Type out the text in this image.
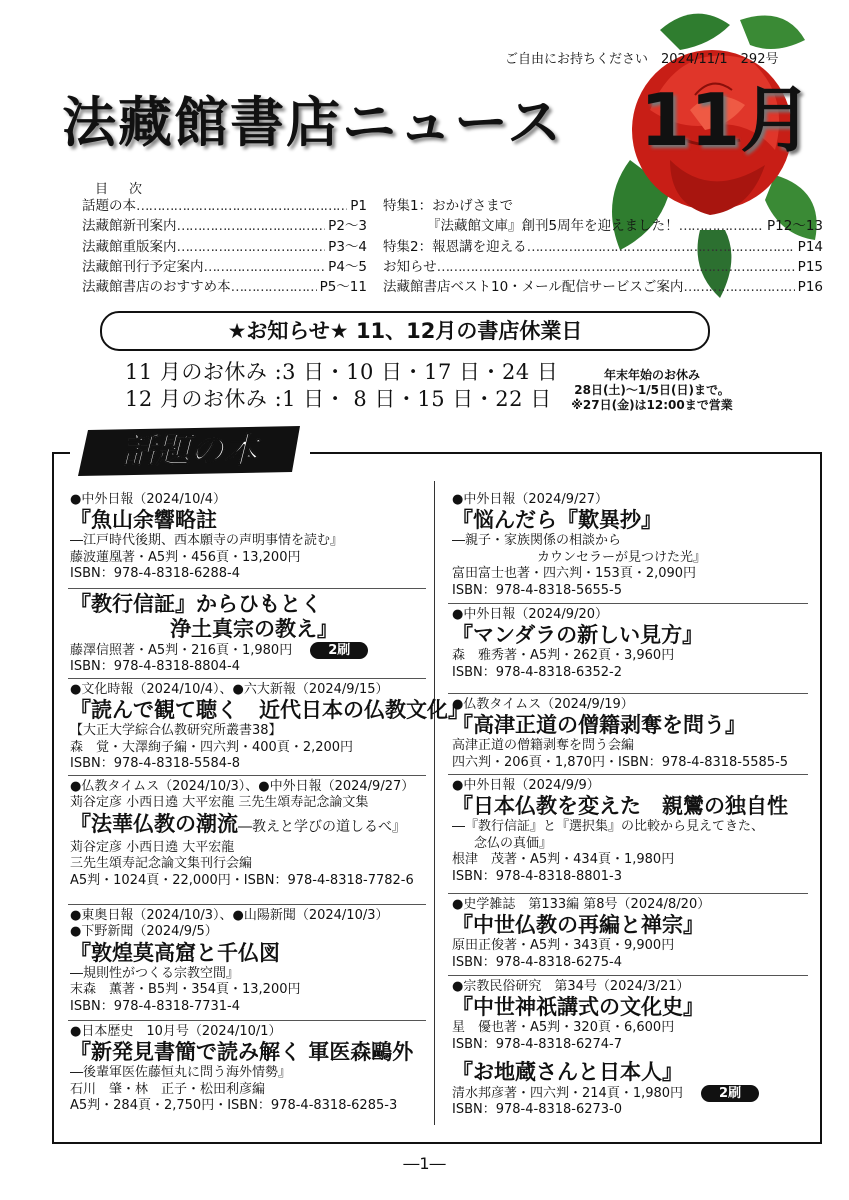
ご自由にお持ちください　2024/11/1　292号
法藏館書店ニュース 11月
目　次
話題の本 …………………………………………………………………………………………	P1
法藏館新刊案内 …………………………………………………………………………………………	P2〜3
法藏館重版案内 …………………………………………………………………………………………	P3〜4
法藏館刊行予定案内 …………………………………………………………………………………………	P4〜5
法藏館書店のおすすめ本 …………………………………………………………………………………………	P5〜11
特集1：おかげさまで
『法藏館文庫』創刊5周年を迎えました！ …………………………………………………………………………………………	P12〜13
特集2：報恩講を迎える …………………………………………………………………………………………	P14
お知らせ …………………………………………………………………………………………	P15
法藏館書店ベスト10・メール配信サービスご案内 …………………………………………………………………………………………	P16
★お知らせ★ 11、12月の書店休業日
11 月のお休み :3 日・10 日・17 日・24 日
12 月のお休み :1 日・ 8 日・15 日・22 日
年末年始のお休み
28日(土)〜1/5日(日)まで。
※27日(金)は12:00まで営業
話題の本
●中外日報（2024/10/4）
『魚山余響略註
―江戸時代後期、西本願寺の声明事情を読む』
藤波蓮凰著・A5判・456頁・13,200円
ISBN：978-4-8318-6288-4
『教行信証』からひもとく
浄土真宗の教え』
藤澤信照著・A5判・216頁・1,980円	2刷
ISBN：978-4-8318-8804-4
●文化時報（2024/10/4）、●六大新報（2024/9/15）
『読んで観て聴く　近代日本の仏教文化』
【大正大学綜合仏教研究所叢書38】
森　覚・大澤絢子編・四六判・400頁・2,200円
ISBN：978-4-8318-5584-8
●仏教タイムス（2024/10/3）、●中外日報（2024/9/27）
苅谷定彦 小西日遶 大平宏龍 三先生頌寿記念論文集
『法華仏教の潮流―教えと学びの道しるべ』
苅谷定彦 小西日遶 大平宏龍
三先生頌寿記念論文集刊行会編
A5判・1024頁・22,000円・ISBN：978-4-8318-7782-6
●東奥日報（2024/10/3）、●山陽新聞（2024/10/3）
●下野新聞（2024/9/5）
『敦煌莫高窟と千仏図
―規則性がつくる宗教空間』
末森　薫著・B5判・354頁・13,200円
ISBN：978-4-8318-7731-4
●日本歴史　10月号（2024/10/1）
『新発見書簡で読み解く 軍医森鷗外
―後輩軍医佐藤恒丸に問う海外情勢』
石川　肇・林　正子・松田利彦編
A5判・284頁・2,750円・ISBN：978-4-8318-6285-3
●中外日報（2024/9/27）
『悩んだら『歎異抄』
―親子・家族関係の相談から
カウンセラーが見つけた光』
富田富士也著・四六判・153頁・2,090円
ISBN：978-4-8318-5655-5
●中外日報（2024/9/20）
『マンダラの新しい見方』
森　雅秀著・A5判・262頁・3,960円
ISBN：978-4-8318-6352-2
●仏教タイムス（2024/9/19）
『高津正道の僧籍剥奪を問う』
高津正道の僧籍剥奪を問う会編
四六判・206頁・1,870円・ISBN：978-4-8318-5585-5
●中外日報（2024/9/9）
『日本仏教を変えた　親鸞の独自性
―『教行信証』と『選択集』の比較から見えてきた、
念仏の真価』
根津　茂著・A5判・434頁・1,980円
ISBN：978-4-8318-8801-3
●史学雑誌　第133編 第8号（2024/8/20）
『中世仏教の再編と禅宗』
原田正俊著・A5判・343頁・9,900円
ISBN：978-4-8318-6275-4
●宗教民俗研究　第34号（2024/3/21）
『中世神祇講式の文化史』
星　優也著・A5判・320頁・6,600円
ISBN：978-4-8318-6274-7
『お地蔵さんと日本人』
清水邦彦著・四六判・214頁・1,980円	2刷
ISBN：978-4-8318-6273-0
―1―
